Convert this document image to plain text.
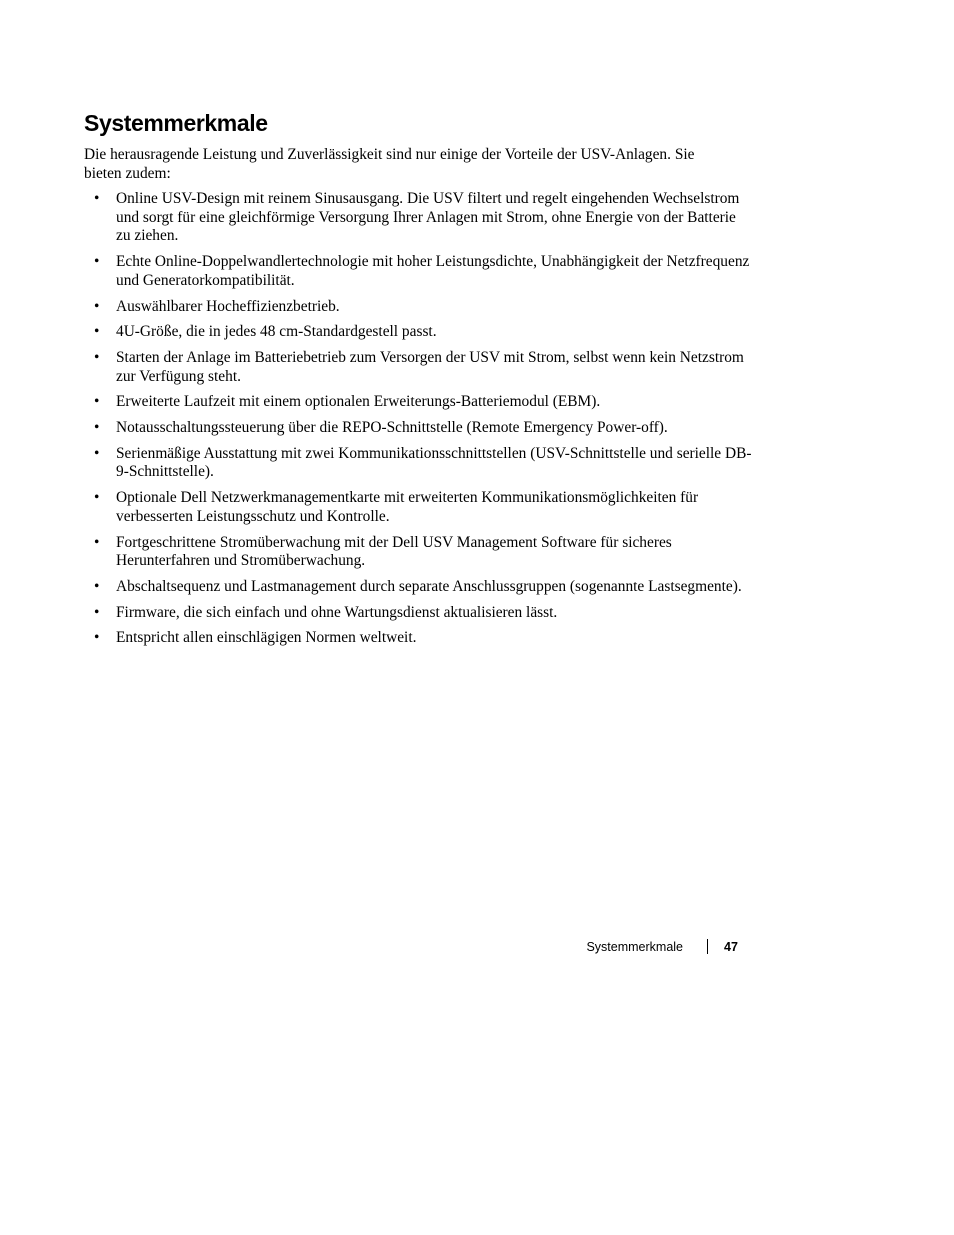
Systemmerkmale

Die herausragende Leistung und Zuverlässigkeit sind nur einige der Vorteile der USV-Anlagen. Sie bieten zudem:

• Online USV-Design mit reinem Sinusausgang. Die USV filtert und regelt eingehenden Wechselstrom und sorgt für eine gleichförmige Versorgung Ihrer Anlagen mit Strom, ohne Energie von der Batterie zu ziehen.
• Echte Online-Doppelwandlertechnologie mit hoher Leistungsdichte, Unabhängigkeit der Netzfrequenz und Generatorkompatibilität.
• Auswählbarer Hocheffizienzbetrieb.
• 4U-Größe, die in jedes 48 cm-Standardgestell passt.
• Starten der Anlage im Batteriebetrieb zum Versorgen der USV mit Strom, selbst wenn kein Netzstrom zur Verfügung steht.
• Erweiterte Laufzeit mit einem optionalen Erweiterungs-Batteriemodul (EBM).
• Notausschaltungssteuerung über die REPO-Schnittstelle (Remote Emergency Power-off).
• Serienmäßige Ausstattung mit zwei Kommunikationsschnittstellen (USV-Schnittstelle und serielle DB-9-Schnittstelle).
• Optionale Dell Netzwerkmanagementkarte mit erweiterten Kommunikationsmöglichkeiten für verbesserten Leistungsschutz und Kontrolle.
• Fortgeschrittene Stromüberwachung mit der Dell USV Management Software für sicheres Herunterfahren und Stromüberwachung.
• Abschaltsequenz und Lastmanagement durch separate Anschlussgruppen (sogenannte Lastsegmente).
• Firmware, die sich einfach und ohne Wartungsdienst aktualisieren lässt.
• Entspricht allen einschlägigen Normen weltweit.
Systemmerkmale	47
